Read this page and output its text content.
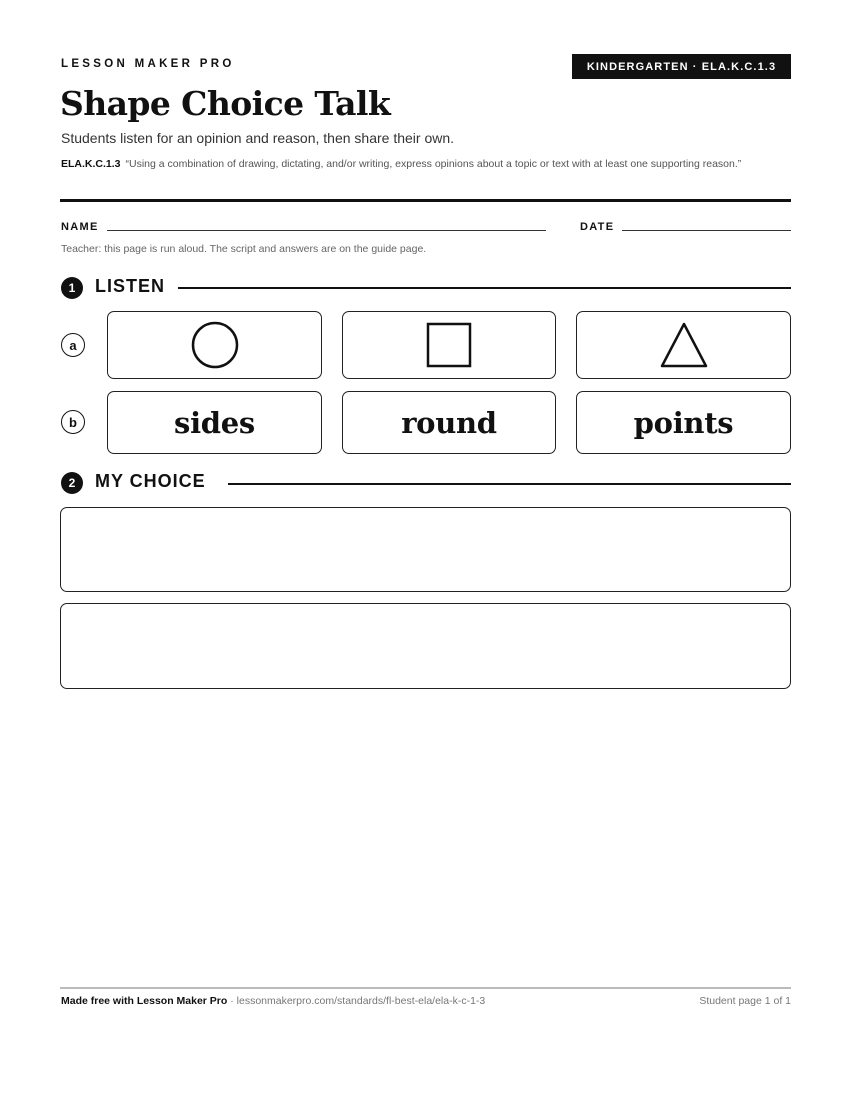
LESSON MAKER PRO	KINDERGARTEN · ELA.K.C.1.3
Shape Choice Talk
Students listen for an opinion and reason, then share their own.
ELA.K.C.1.3 “Using a combination of drawing, dictating, and/or writing, express opinions about a topic or text with at least one supporting reason.”
NAME	DATE
Teacher: this page is run aloud. The script and answers are on the guide page.
1	LISTEN
a
b	sides	round	points
2	MY CHOICE
Made free with Lesson Maker Pro · lessonmakerpro.com/standards/fl-best-ela/ela-k-c-1-3	Student page 1 of 1
